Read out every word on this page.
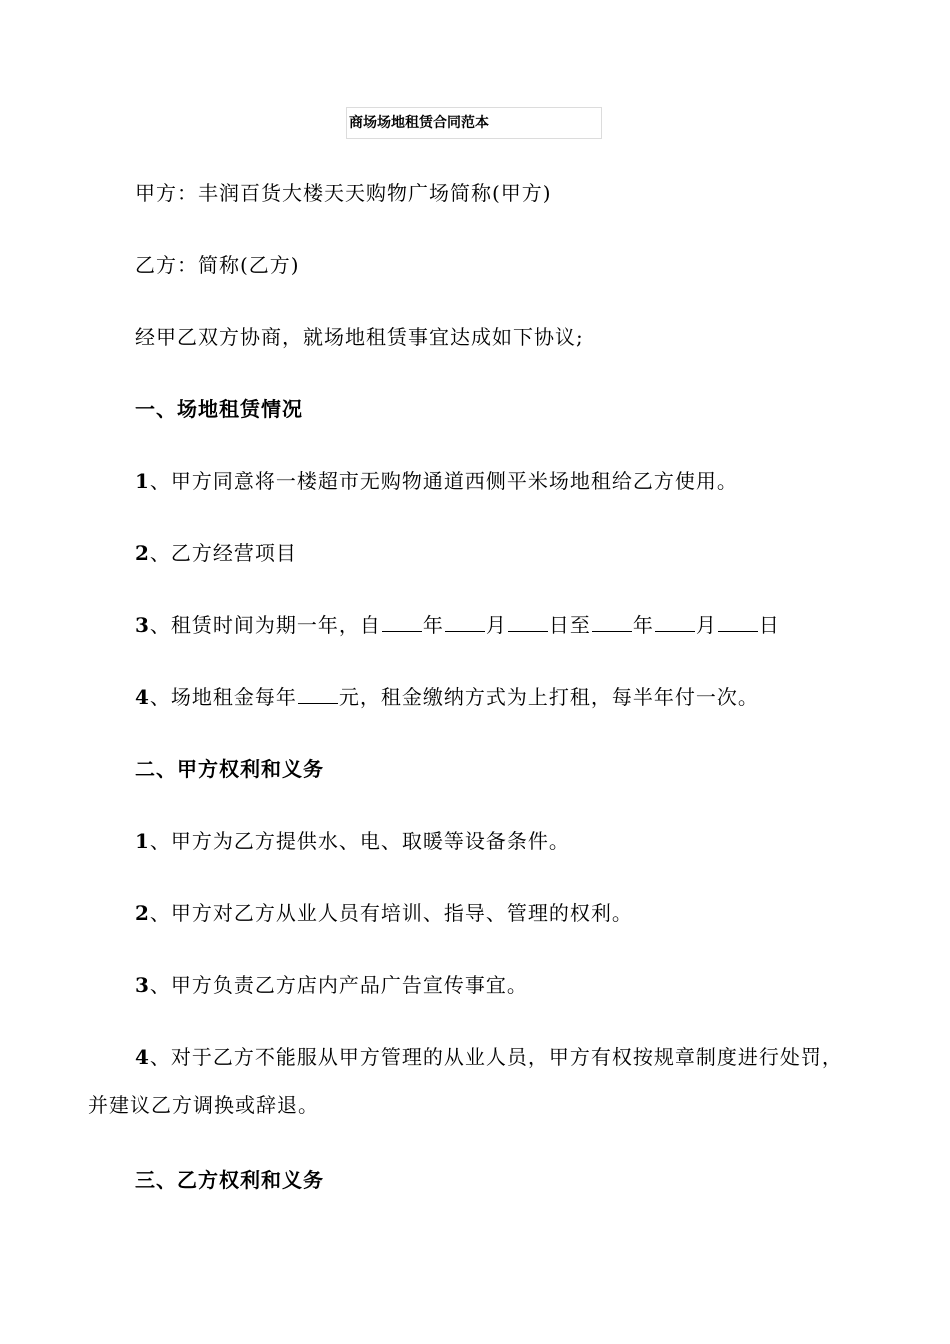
商场场地租赁合同范本
甲方：丰润百货大楼天天购物广场简称(甲方)
乙方：简称(乙方)
经甲乙双方协商，就场地租赁事宜达成如下协议;
一、场地租赁情况
1、甲方同意将一楼超市无购物通道西侧平米场地租给乙方使用。
2、乙方经营项目
3、租赁时间为期一年，自 年 月 日至 年 月 日
4、场地租金每年 元，租金缴纳方式为上打租，每半年付一次。
二、甲方权利和义务
1、甲方为乙方提供水、电、取暖等设备条件。
2、甲方对乙方从业人员有培训、指导、管理的权利。
3、甲方负责乙方店内产品广告宣传事宜。
4、对于乙方不能服从甲方管理的从业人员，甲方有权按规章制度进行处罚，
并建议乙方调换或辞退。
三、乙方权利和义务
